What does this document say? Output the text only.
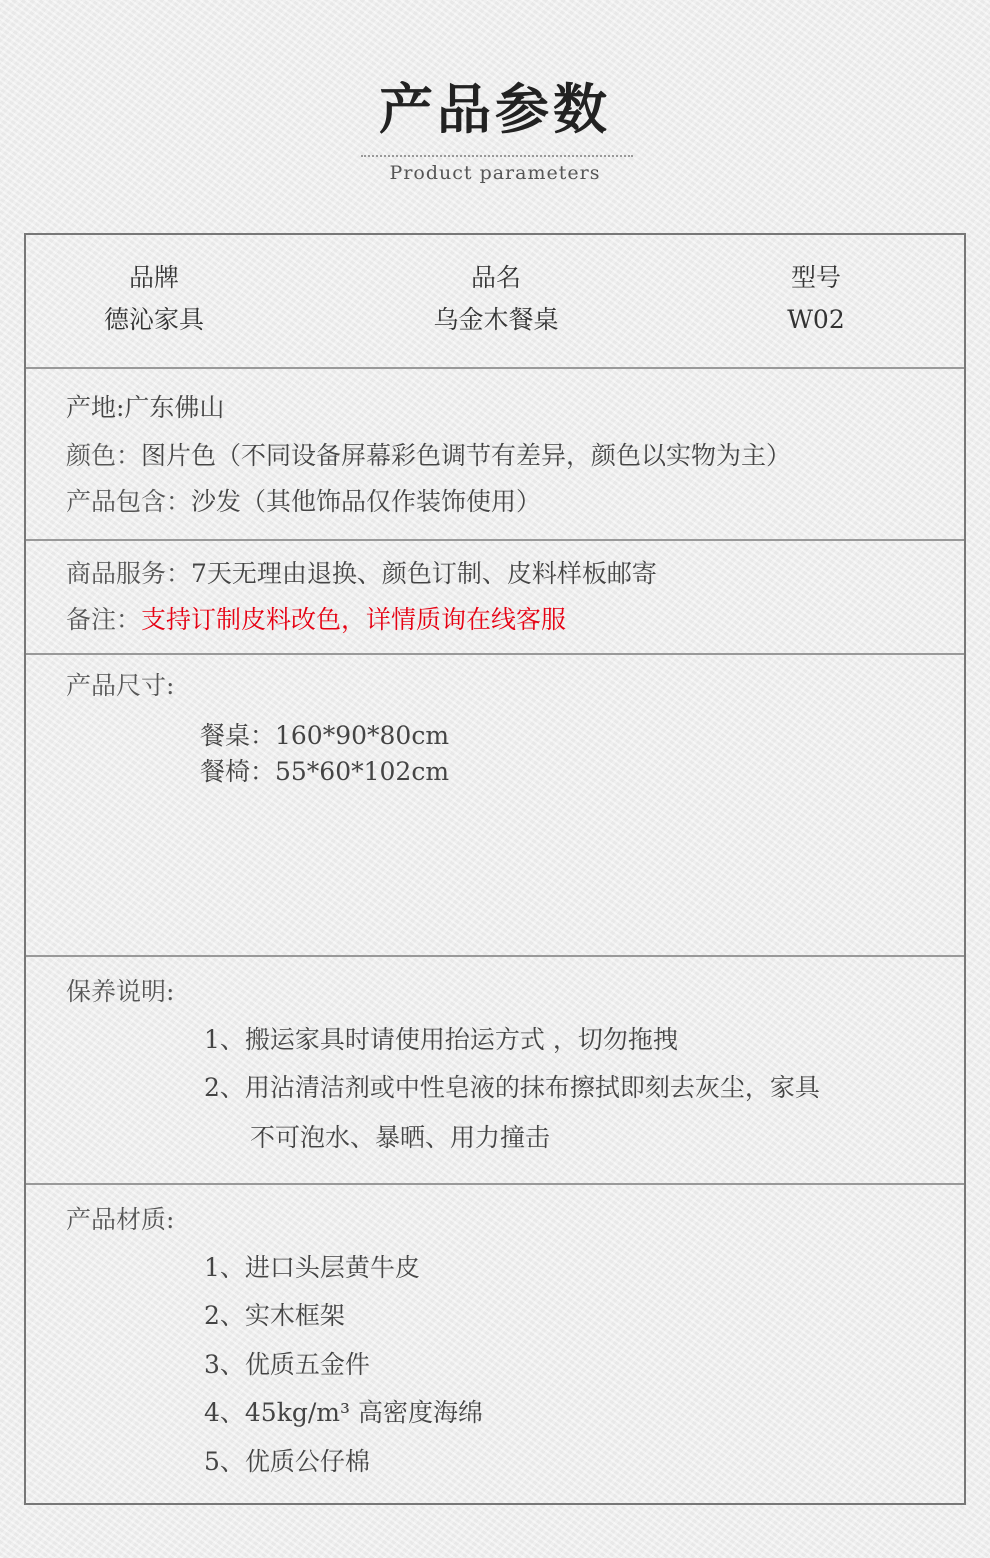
产品参数
Product parameters
品牌
德沁家具
品名
乌金木餐桌
型号
W02
产地:广东佛山
颜色：图片色（不同设备屏幕彩色调节有差异，颜色以实物为主）
产品包含：沙发（其他饰品仅作装饰使用）
商品服务：7天无理由退换、颜色订制、皮料样板邮寄
备注：支持订制皮料改色，详情质询在线客服
产品尺寸:
餐桌：160*90*80cm
餐椅：55*60*102cm
保养说明:
1、搬运家具时请使用抬运方式 ，切勿拖拽
2、用沾清洁剂或中性皂液的抹布擦拭即刻去灰尘，家具
不可泡水、暴晒、用力撞击
产品材质:
1、进口头层黄牛皮
2、实木框架
3、优质五金件
4、45kg/m³ 高密度海绵
5、优质公仔棉
